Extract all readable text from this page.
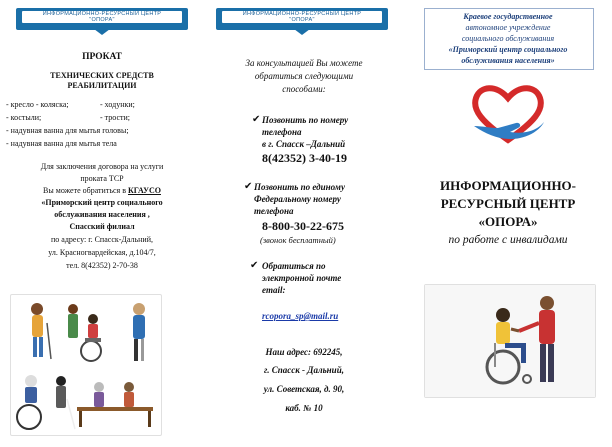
ИНФОРМАЦИОННО-РЕСУРСНЫЙ ЦЕНТР
"ОПОРА"
ПРОКАТ
ТЕХНИЧЕСКИХ СРЕДСТВ
РЕАБИЛИТАЦИИ
- кресло - коляска;	- ходунки;
- костыли;	- трости;
- надувная ванна для мытья головы;
- надувная ванна для мытья тела
Для заключения договора на услуги
проката ТСР
Вы можете обратиться в КГАУСО
«Приморский центр социального
обслуживания населения ,
Спасский филиал
по адресу: г. Спасск-Дальний,
ул. Красногвардейская, д.104/7,
тел. 8(42352) 2-70-38
ИНФОРМАЦИОННО-РЕСУРСНЫЙ ЦЕНТР
"ОПОРА"
За консультацией Вы можете
обратиться следующими
способами:
✔ Позвонить по номеру
телефона
в г. Спасск –Дальний
8(42352) 3-40-19
✔ Позвонить по единому
Федеральному номеру
телефона
8-800-30-22-675
(звонок бесплатный)
✔ Обратиться по
электронной почте
email:
rcopora_sp@mail.ru
Наш адрес: 692245,
г. Спасск - Дальний,
ул. Советская, д. 90,
каб. № 10
Краевое государственное
автономное учреждение
социального обслуживания
«Приморский центр социального
обслуживания населения»
ИНФОРМАЦИОННО-
РЕСУРСНЫЙ ЦЕНТР
«ОПОРА»
по работе с инвалидами
